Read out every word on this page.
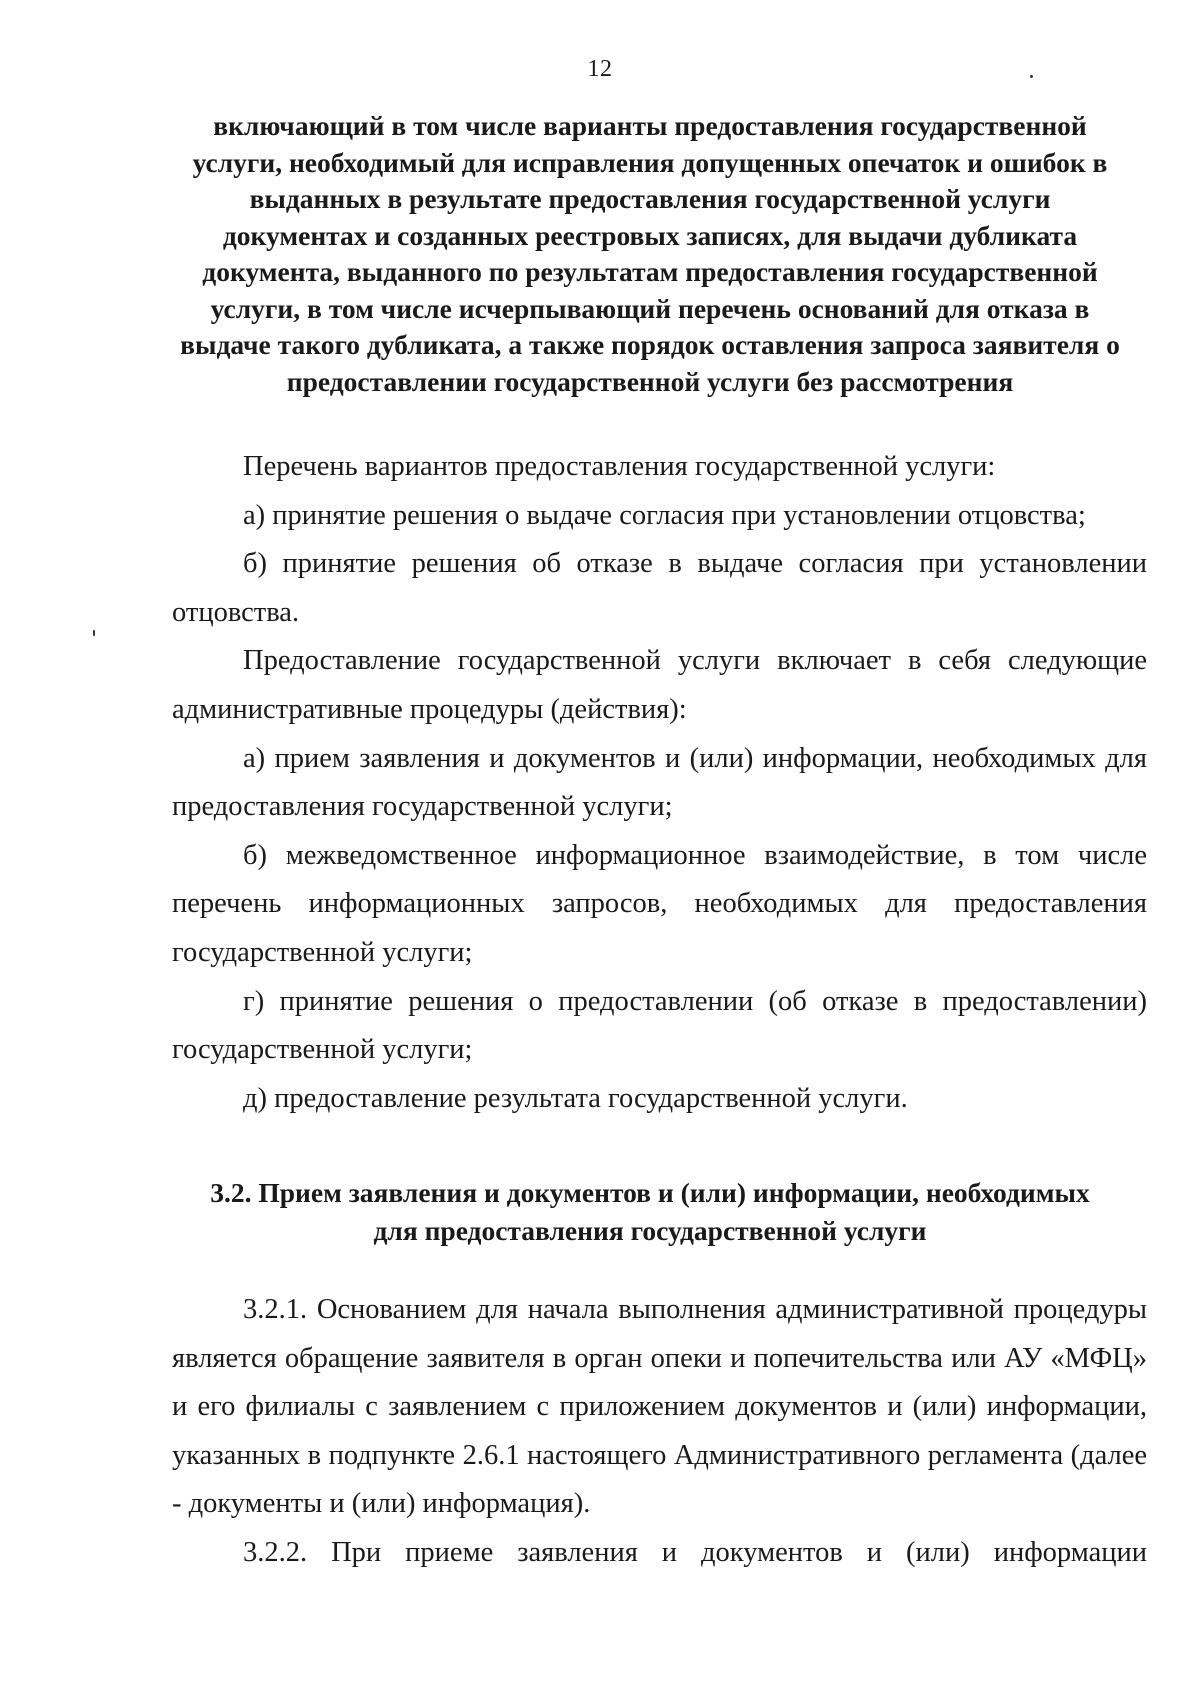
12
включающий в том числе варианты предоставления государственной
услуги, необходимый для исправления допущенных опечаток и ошибок в
выданных в результате предоставления государственной услуги
документах и созданных реестровых записях, для выдачи дубликата
документа, выданного по результатам предоставления государственной
услуги, в том числе исчерпывающий перечень оснований для отказа в
выдаче такого дубликата, а также порядок оставления запроса заявителя о
предоставлении государственной услуги без рассмотрения

Перечень вариантов предоставления государственной услуги:

а) принятие решения о выдаче согласия при установлении отцовства;

б) принятие решения об отказе в выдаче согласия при установлении отцовства.

Предоставление государственной услуги включает в себя следующие административные процедуры (действия):

а) прием заявления и документов и (или) информации, необходимых для предоставления государственной услуги;

б) межведомственное информационное взаимодействие, в том числе перечень информационных запросов, необходимых для предоставления государственной услуги;

г) принятие решения о предоставлении (об отказе в предоставлении) государственной услуги;

д) предоставление результата государственной услуги.

3.2. Прием заявления и документов и (или) информации, необходимых
для предоставления государственной услуги

3.2.1. Основанием для начала выполнения административной процедуры является обращение заявителя в орган опеки и попечительства или АУ «МФЦ» и его филиалы с заявлением с приложением документов и (или) информации, указанных в подпункте 2.6.1 настоящего Административного регламента (далее - документы и (или) информация).

3.2.2. При приеме заявления и документов и (или) информации
